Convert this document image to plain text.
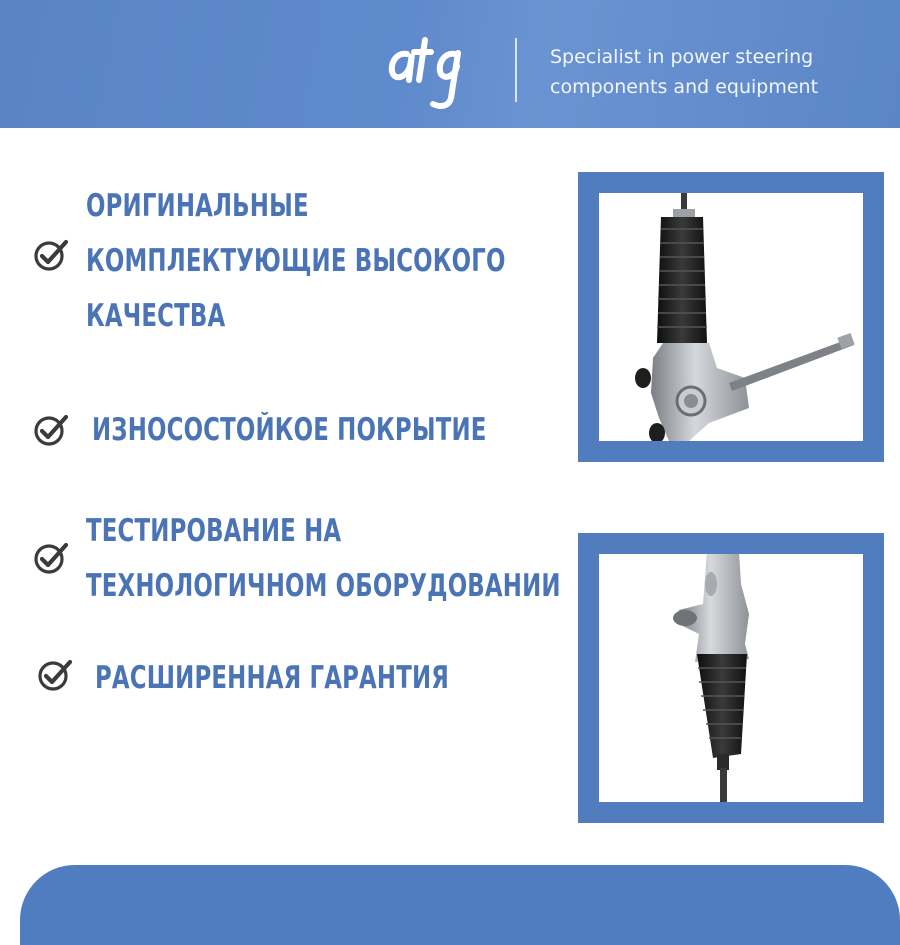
Specialist in power steering
components and equipment
ОРИГИНАЛЬНЫЕ
КОМПЛЕКТУЮЩИЕ ВЫСОКОГО
КАЧЕСТВА
ИЗНОСОСТОЙКОЕ ПОКРЫТИЕ
ТЕСТИРОВАНИЕ НА
ТЕХНОЛОГИЧНОМ ОБОРУДОВАНИИ
РАСШИРЕННАЯ ГАРАНТИЯ
